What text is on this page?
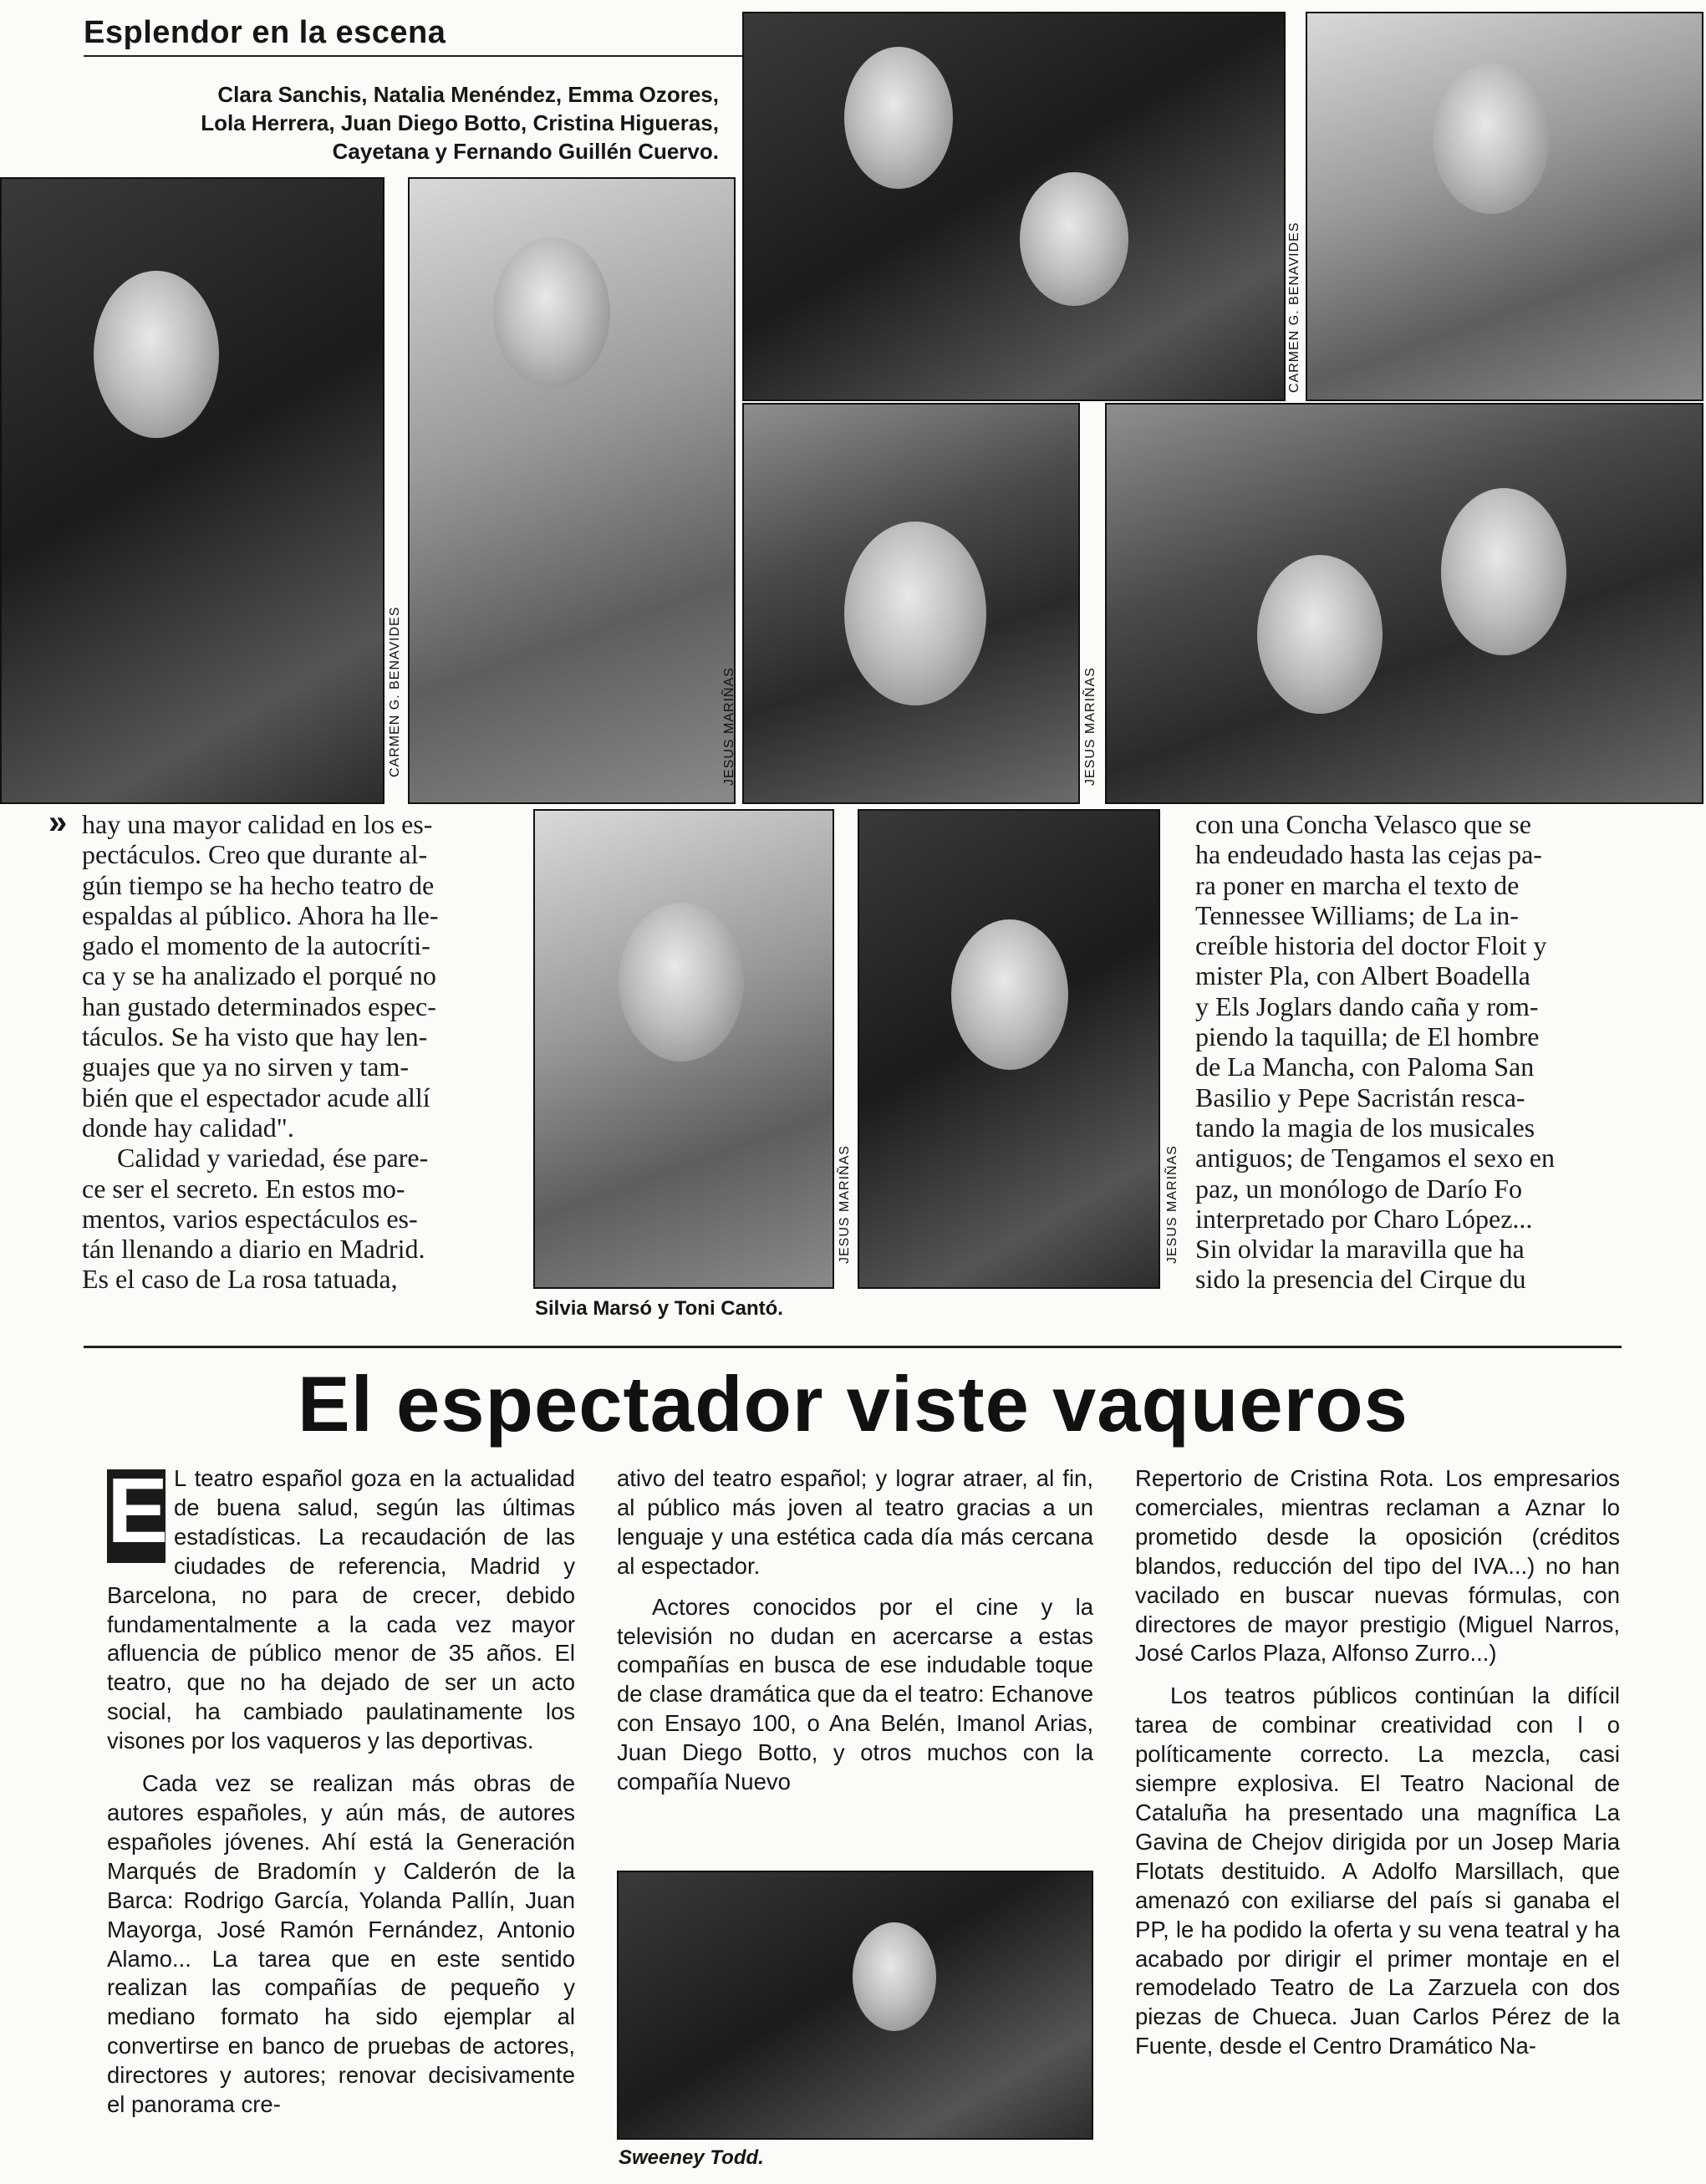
Esplendor en la escena
Clara Sanchis, Natalia Menéndez, Emma Ozores,
Lola Herrera, Juan Diego Botto, Cristina Higueras,
Cayetana y Fernando Guillén Cuervo.
CARMEN G. BENAVIDES
CARMEN G. BENAVIDES
JESUS MARIÑAS	JESUS MARIÑAS
» hay una mayor calidad en los es-
pectáculos. Creo que durante al-
gún tiempo se ha hecho teatro de
espaldas al público. Ahora ha lle-
gado el momento de la autocríti-
ca y se ha analizado el porqué no
han gustado determinados espec-
táculos. Se ha visto que hay len-
guajes que ya no sirven y tam-
bién que el espectador acude allí
donde hay calidad".

Calidad y variedad, ése pare-
ce ser el secreto. En estos mo-
mentos, varios espectáculos es-
tán llenando a diario en Madrid.
Es el caso de La rosa tatuada,

JESUS MARIÑAS	JESUS MARIÑAS
Silvia Marsó y Toni Cantó.

con una Concha Velasco que se
ha endeudado hasta las cejas pa-
ra poner en marcha el texto de
Tennessee Williams; de La in-
creíble historia del doctor Floit y
mister Pla, con Albert Boadella
y Els Joglars dando caña y rom-
piendo la taquilla; de El hombre
de La Mancha, con Paloma San
Basilio y Pepe Sacristán resca-
tando la magia de los musicales
antiguos; de Tengamos el sexo en
paz, un monólogo de Darío Fo
interpretado por Charo López...
Sin olvidar la maravilla que ha
sido la presencia del Cirque du

El espectador viste vaqueros
E L teatro español goza en la actualidad de buena salud, según las últimas estadísticas. La recaudación de las ciudades de referencia, Madrid y Barcelona, no para de crecer, debido fundamentalmente a la cada vez mayor afluencia de público menor de 35 años. El teatro, que no ha dejado de ser un acto social, ha cambiado paulatinamente los visones por los vaqueros y las deportivas.

Cada vez se realizan más obras de autores españoles, y aún más, de autores españoles jóvenes. Ahí está la Generación Marqués de Bradomín y Calderón de la Barca: Rodrigo García, Yolanda Pallín, Juan Mayorga, José Ramón Fernández, Antonio Alamo... La tarea que en este sentido realizan las compañías de pequeño y mediano formato ha sido ejemplar al convertirse en banco de pruebas de actores, directores y autores; renovar decisivamente el panorama cre-

ativo del teatro español; y lograr atraer, al fin, al público más joven al teatro gracias a un lenguaje y una estética cada día más cercana al espectador.

Actores conocidos por el cine y la televisión no dudan en acercarse a estas compañías en busca de ese indudable toque de clase dramática que da el teatro: Echanove con Ensayo 100, o Ana Belén, Imanol Arias, Juan Diego Botto, y otros muchos con la compañía Nuevo

Sweeney Todd.

Repertorio de Cristina Rota. Los empresarios comerciales, mientras reclaman a Aznar lo prometido desde la oposición (créditos blandos, reducción del tipo del IVA...) no han vacilado en buscar nuevas fórmulas, con directores de mayor prestigio (Miguel Narros, José Carlos Plaza, Alfonso Zurro...)

Los teatros públicos continúan la difícil tarea de combinar creatividad con l o políticamente correcto. La mezcla, casi siempre explosiva. El Teatro Nacional de Cataluña ha presentado una magnífica La Gavina de Chejov dirigida por un Josep Maria Flotats destituido. A Adolfo Marsillach, que amenazó con exiliarse del país si ganaba el PP, le ha podido la oferta y su vena teatral y ha acabado por dirigir el primer montaje en el remodelado Teatro de La Zarzuela con dos piezas de Chueca. Juan Carlos Pérez de la Fuente, desde el Centro Dramático Na-
